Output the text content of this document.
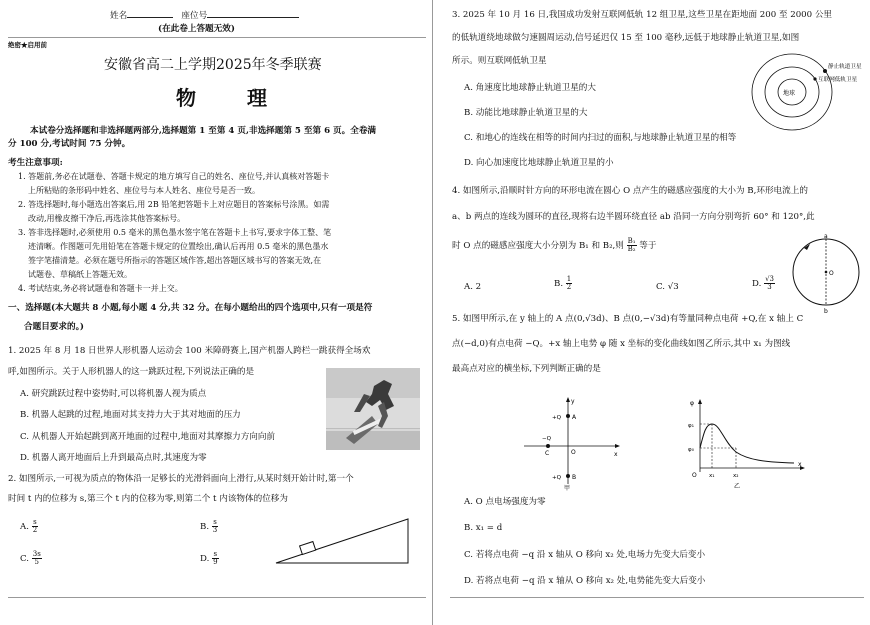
姓名	座位号
(在此卷上答题无效)
绝密★启用前
安徽省高二上学期2025年冬季联赛
物 理
本试卷分选择题和非选择题两部分,选择题第 1 至第 4 页,非选择题第 5 至第 6 页。全卷满
分 100 分,考试时间 75 分钟。
考生注意事项:
1. 答题前,务必在试题卷、答题卡规定的地方填写自己的姓名、座位号,并认真核对答题卡
上所粘贴的条形码中姓名、座位号与本人姓名、座位号是否一致。
2. 答选择题时,每小题选出答案后,用 2B 铅笔把答题卡上对应题目的答案标号涂黑。如需
改动,用橡皮擦干净后,再选涂其他答案标号。
3. 答非选择题时,必须使用 0.5 毫米的黑色墨水签字笔在答题卡上书写,要求字体工整、笔
迹清晰。作图题可先用铅笔在答题卡规定的位置绘出,确认后再用 0.5 毫米的黑色墨水
签字笔描清楚。必须在题号所指示的答题区域作答,超出答题区域书写的答案无效,在
试题卷、草稿纸上答题无效。
4. 考试结束,务必将试题卷和答题卡一并上交。
一、选择题(本大题共 8 小题,每小题 4 分,共 32 分。在每小题给出的四个选项中,只有一项是符
合题目要求的。)
1. 2025 年 8 月 18 日世界人形机器人运动会 100 米障碍赛上,国产机器人跨栏一跳获得全场欢
呼,如图所示。关于人形机器人的这一跳跃过程,下列说法正确的是
A. 研究跳跃过程中姿势时,可以将机器人视为质点
B. 机器人起跳的过程,地面对其支持力大于其对地面的压力
C. 从机器人开始起跳到离开地面的过程中,地面对其摩擦力方向向前
D. 机器人离开地面后上升到最高点时,其速度为零
2. 如图所示,一可视为质点的物体沿一足够长的光滑斜面向上滑行,从某时刻开始计时,第一个
时间 t 内的位移为 s,第三个 t 内的位移为零,则第二个 t 内该物体的位移为
A. $\frac{s}{2}$	B. $\frac{s}{3}$
C. $\frac{3s}{5}$	D. $\frac{s}{9}$
3. 2025 年 10 月 16 日,我国成功发射互联网低轨 12 组卫星,这些卫星在距地面 200 至 2000 公里
的低轨道绕地球做匀速圆周运动,信号延迟仅 15 至 100 毫秒,远低于地球静止轨道卫星,如图
所示。则互联网低轨卫星
A. 角速度比地球静止轨道卫星的大
B. 动能比地球静止轨道卫星的大
C. 和地心的连线在相等的时间内扫过的面积,与地球静止轨道卫星的相等
D. 向心加速度比地球静止轨道卫星的小
地球
静止轨道卫星
互联网低轨卫星
4. 如图所示,沿顺时针方向的环形电流在圆心 O 点产生的磁感应强度的大小为 B,环形电流上的
a、b 两点的连线为圆环的直径,现将右边半圆环绕直径 ab 沿同一方向分别弯折 60° 和 120°,此
时 O 点的磁感应强度大小分别为 B₁ 和 B₂,则 $\frac{\text{B₁}}{\text{B₂}}$ 等于
A. 2	B. $\frac{1}{2}$	C. √3	D. $\frac{√3}{3}$
O
a
b
5. 如图甲所示,在 y 轴上的 A 点(0,√3d)、B 点(0,−√3d)有等量同种点电荷 +Q,在 x 轴上 C
点(−d,0)有点电荷 −Q。+x 轴上电势 φ 随 x 坐标的变化曲线如图乙所示,其中 x₁ 为图线
最高点对应的横坐标,下列判断正确的是
y
x
A
+Q
B
+Q
−Q
C	O
甲
φ
x
O
φ₁
φ₀
x₁	x₂
乙
A. O 点电场强度为零
B. x₁ = d
C. 若将点电荷 −q 沿 x 轴从 O 移向 x₂ 处,电场力先变大后变小
D. 若将点电荷 −q 沿 x 轴从 O 移向 x₂ 处,电势能先变大后变小
